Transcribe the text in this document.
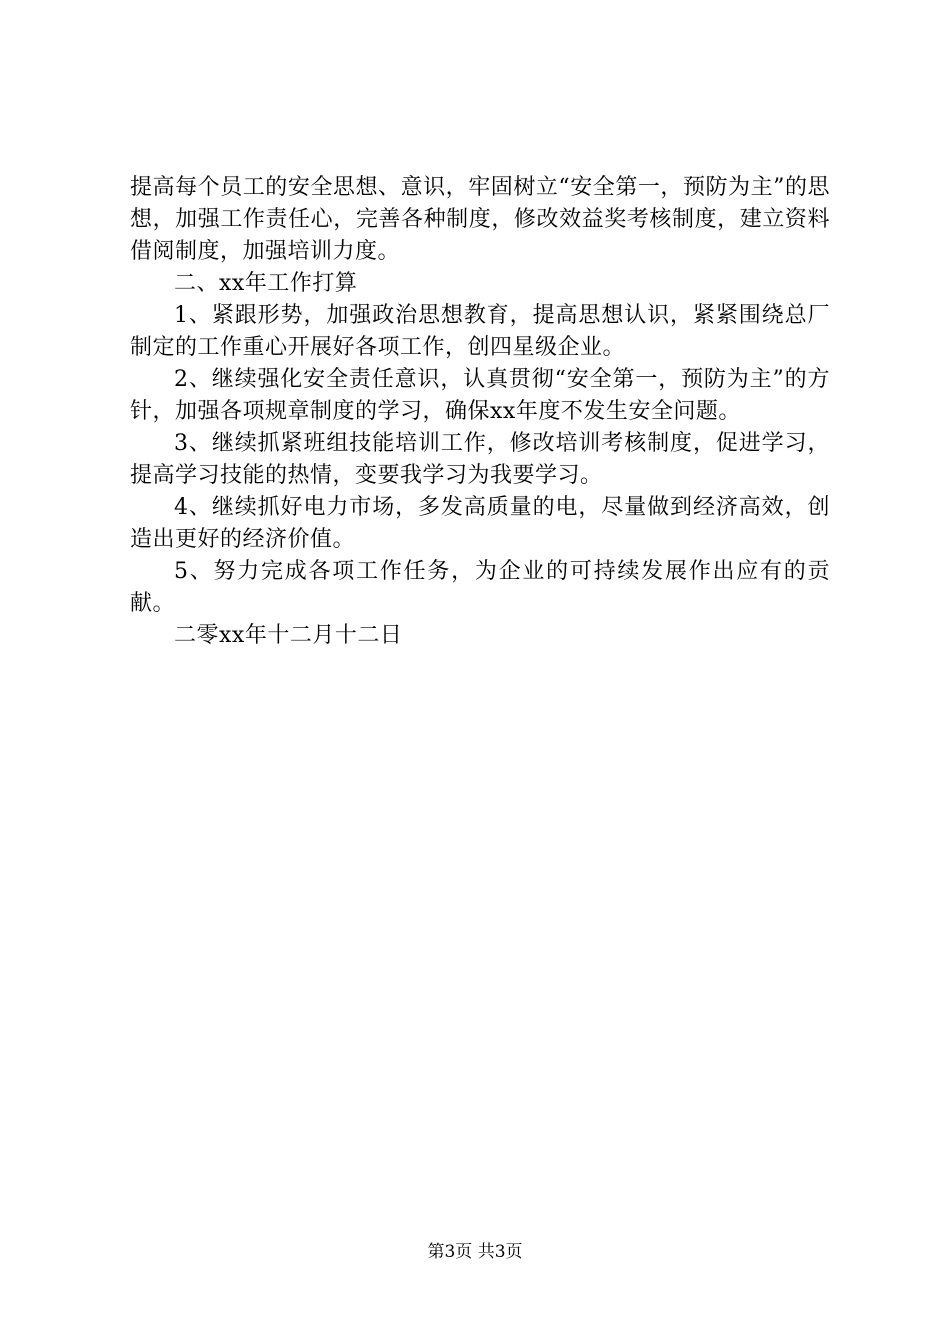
提高每个员工的安全思想、意识，牢固树立“安全第一，预防为主”的思想，加强工作责任心，完善各种制度，修改效益奖考核制度，建立资料借阅制度，加强培训力度。

二、xx年工作打算

1、紧跟形势，加强政治思想教育，提高思想认识，紧紧围绕总厂制定的工作重心开展好各项工作，创四星级企业。

2、继续强化安全责任意识，认真贯彻“安全第一，预防为主”的方针，加强各项规章制度的学习，确保xx年度不发生安全问题。

3、继续抓紧班组技能培训工作，修改培训考核制度，促进学习，提高学习技能的热情，变要我学习为我要学习。

4、继续抓好电力市场，多发高质量的电，尽量做到经济高效，创造出更好的经济价值。

5、努力完成各项工作任务，为企业的可持续发展作出应有的贡献。

二零xx年十二月十二日

第3页 共3页
